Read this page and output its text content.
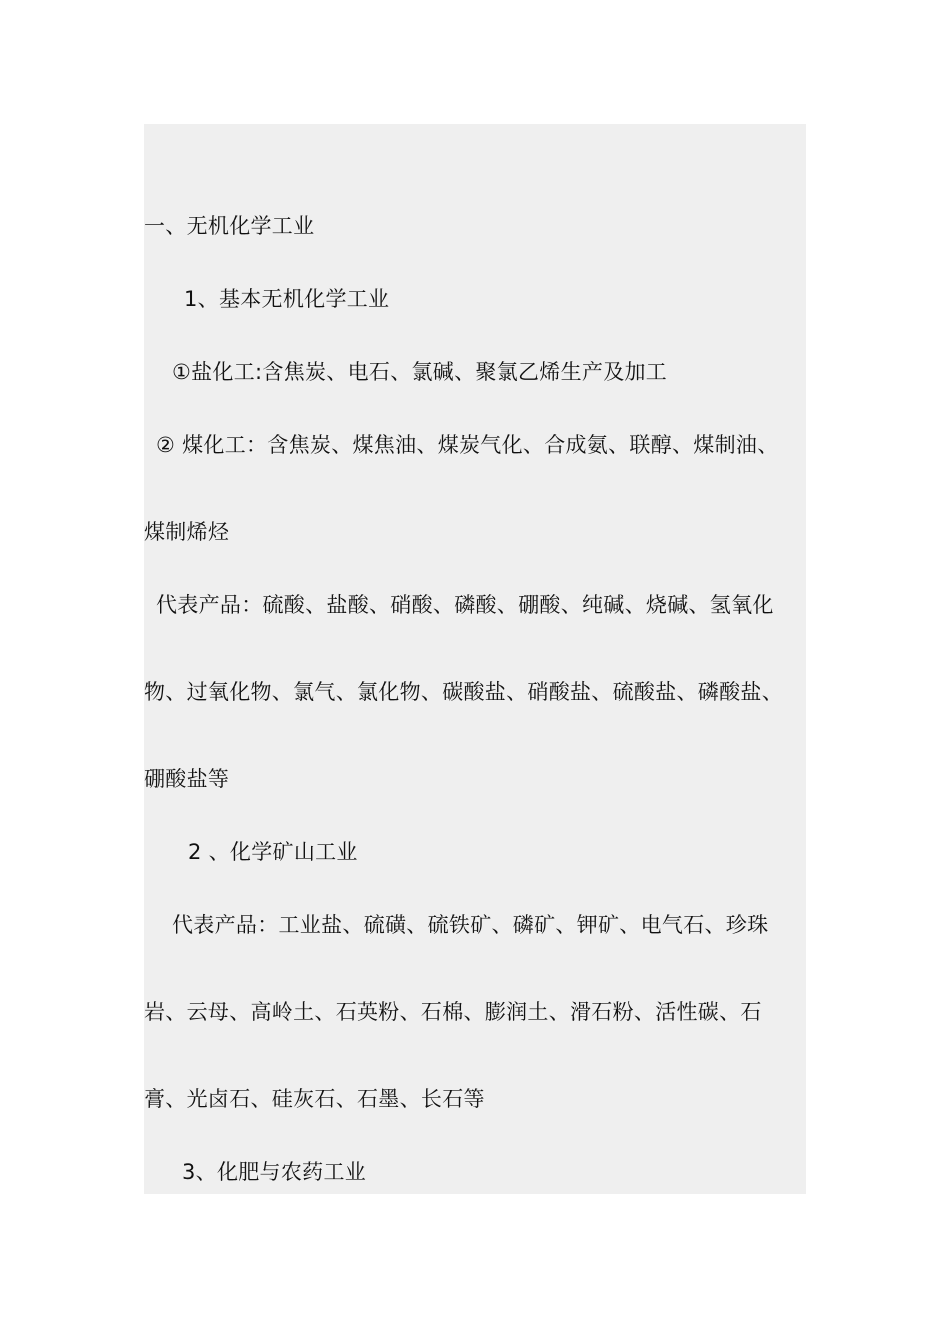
一、无机化学工业
1、基本无机化学工业
①盐化工:含焦炭、电石、氯碱、聚氯乙烯生产及加工
② 煤化工：含焦炭、煤焦油、煤炭气化、合成氨、联醇、煤制油、
煤制烯烃
代表产品：硫酸、盐酸、硝酸、磷酸、硼酸、纯碱、烧碱、氢氧化
物、过氧化物、氯气、氯化物、碳酸盐、硝酸盐、硫酸盐、磷酸盐、
硼酸盐等
2 、化学矿山工业
代表产品：工业盐、硫磺、硫铁矿、磷矿、钾矿、电气石、珍珠
岩、云母、高岭土、石英粉、石棉、膨润土、滑石粉、活性碳、石
膏、光卤石、硅灰石、石墨、长石等
3、化肥与农药工业
